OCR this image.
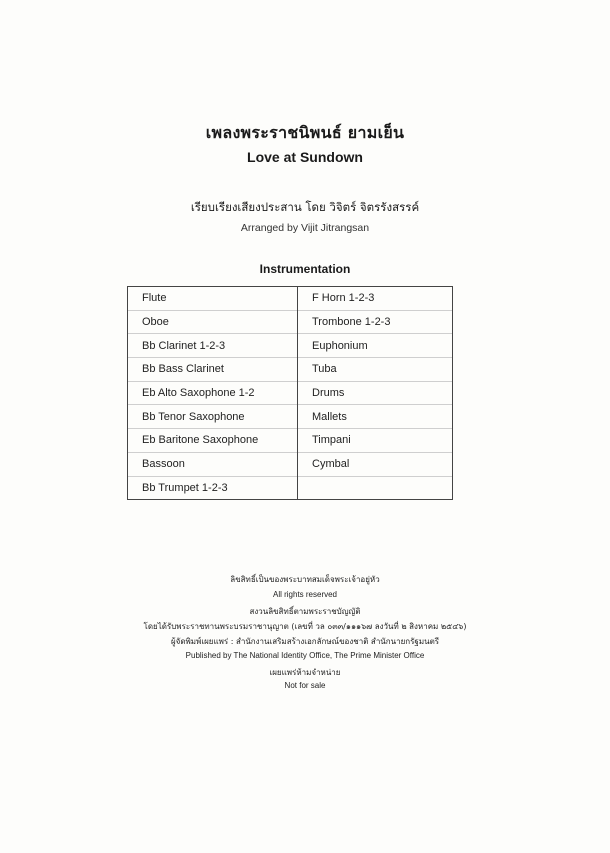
เพลงพระราชนิพนธ์ ยามเย็น
Love at Sundown
เรียบเรียงเสียงประสาน โดย วิจิตร์ จิตรรังสรรค์
Arranged by Vijit Jitrangsan
Instrumentation
Flute	F Horn 1-2-3
Oboe	Trombone 1-2-3
Bb Clarinet 1-2-3	Euphonium
Bb Bass Clarinet	Tuba
Eb Alto Saxophone 1-2	Drums
Bb Tenor Saxophone	Mallets
Eb Baritone Saxophone	Timpani
Bassoon	Cymbal
Bb Trumpet 1-2-3	
ลิขสิทธิ์เป็นของพระบาทสมเด็จพระเจ้าอยู่หัว
All rights reserved
สงวนลิขสิทธิ์ตามพระราชบัญญัติ
โดยได้รับพระราชทานพระบรมราชานุญาต (เลขที่ วล ๐๓๓/๑๑๑๖๗ ลงวันที่ ๒ สิงหาคม ๒๕๔๖)
ผู้จัดพิมพ์เผยแพร่ : สำนักงานเสริมสร้างเอกลักษณ์ของชาติ สำนักนายกรัฐมนตรี
Published by The National Identity Office, The Prime Minister Office
เผยแพร่ห้ามจำหน่าย
Not for sale
